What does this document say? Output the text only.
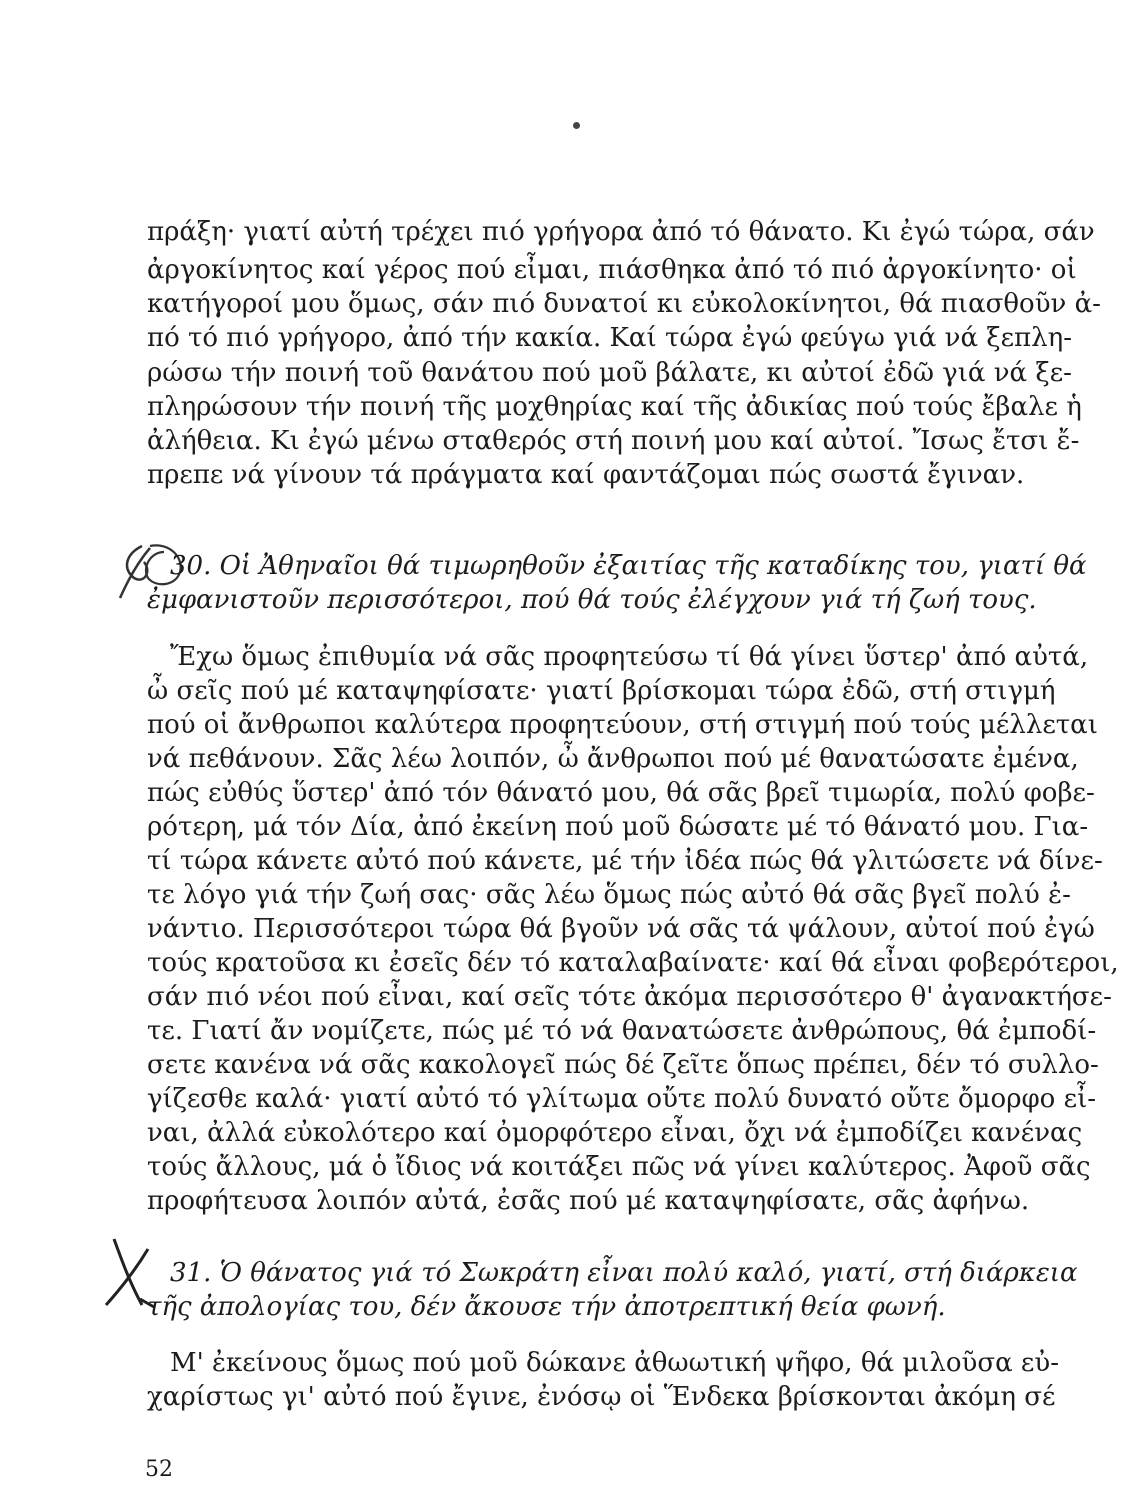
πράξη· γιατί αὐτή τρέχει πιό γρήγορα ἀπό τό θάνατο. Κι ἐγώ τώρα, σάν
ἀργοκίνητος καί γέρος πού εἶμαι, πιάσθηκα ἀπό τό πιό ἀργοκίνητο· οἱ
κατήγοροί μου ὅμως, σάν πιό δυνατοί κι εὐκολοκίνητοι, θά πιασθοῦν ἀ-
πό τό πιό γρήγορο, ἀπό τήν κακία. Καί τώρα ἐγώ φεύγω γιά νά ξεπλη-
ρώσω τήν ποινή τοῦ θανάτου πού μοῦ βάλατε, κι αὐτοί ἐδῶ γιά νά ξε-
πληρώσουν τήν ποινή τῆς μοχθηρίας καί τῆς ἀδικίας πού τούς ἔβαλε ἡ
ἀλήθεια. Κι ἐγώ μένω σταθερός στή ποινή μου καί αὐτοί. Ἴσως ἔτσι ἔ-
πρεπε νά γίνουν τά πράγματα καί φαντάζομαι πώς σωστά ἔγιναν.
30. Οἱ Ἀθηναῖοι θά τιμωρηθοῦν ἐξαιτίας τῆς καταδίκης του, γιατί θά
ἐμφανιστοῦν περισσότεροι, πού θά τούς ἐλέγχουν γιά τή ζωή τους.
Ἔχω ὅμως ἐπιθυμία νά σᾶς προφητεύσω τί θά γίνει ὕστερ' ἀπό αὐτά,
ὦ σεῖς πού μέ καταψηφίσατε· γιατί βρίσκομαι τώρα ἐδῶ, στή στιγμή
πού οἱ ἄνθρωποι καλύτερα προφητεύουν, στή στιγμή πού τούς μέλλεται
νά πεθάνουν. Σᾶς λέω λοιπόν, ὦ ἄνθρωποι πού μέ θανατώσατε ἐμένα,
πώς εὐθύς ὕστερ' ἀπό τόν θάνατό μου, θά σᾶς βρεῖ τιμωρία, πολύ φοβε-
ρότερη, μά τόν Δία, ἀπό ἐκείνη πού μοῦ δώσατε μέ τό θάνατό μου. Για-
τί τώρα κάνετε αὐτό πού κάνετε, μέ τήν ἰδέα πώς θά γλιτώσετε νά δίνε-
τε λόγο γιά τήν ζωή σας· σᾶς λέω ὅμως πώς αὐτό θά σᾶς βγεῖ πολύ ἐ-
νάντιο. Περισσότεροι τώρα θά βγοῦν νά σᾶς τά ψάλουν, αὐτοί πού ἐγώ
τούς κρατοῦσα κι ἐσεῖς δέν τό καταλαβαίνατε· καί θά εἶναι φοβερότεροι,
σάν πιό νέοι πού εἶναι, καί σεῖς τότε ἀκόμα περισσότερο θ' ἀγανακτήσε-
τε. Γιατί ἄν νομίζετε, πώς μέ τό νά θανατώσετε ἀνθρώπους, θά ἐμποδί-
σετε κανένα νά σᾶς κακολογεῖ πώς δέ ζεῖτε ὅπως πρέπει, δέν τό συλλο-
γίζεσθε καλά· γιατί αὐτό τό γλίτωμα οὔτε πολύ δυνατό οὔτε ὄμορφο εἶ-
ναι, ἀλλά εὐκολότερο καί ὀμορφότερο εἶναι, ὄχι νά ἐμποδίζει κανένας
τούς ἄλλους, μά ὁ ἴδιος νά κοιτάξει πῶς νά γίνει καλύτερος. Ἀφοῦ σᾶς
προφήτευσα λοιπόν αὐτά, ἐσᾶς πού μέ καταψηφίσατε, σᾶς ἀφήνω.
31. Ὁ θάνατος γιά τό Σωκράτη εἶναι πολύ καλό, γιατί, στή διάρκεια
τῆς ἀπολογίας του, δέν ἄκουσε τήν ἀποτρεπτική θεία φωνή.
Μ' ἐκείνους ὅμως πού μοῦ δώκανε ἀθωωτική ψῆφο, θά μιλοῦσα εὐ-
χαρίστως γι' αὐτό πού ἔγινε, ἐνόσῳ οἱ Ἕνδεκα βρίσκονται ἀκόμη σέ
52
